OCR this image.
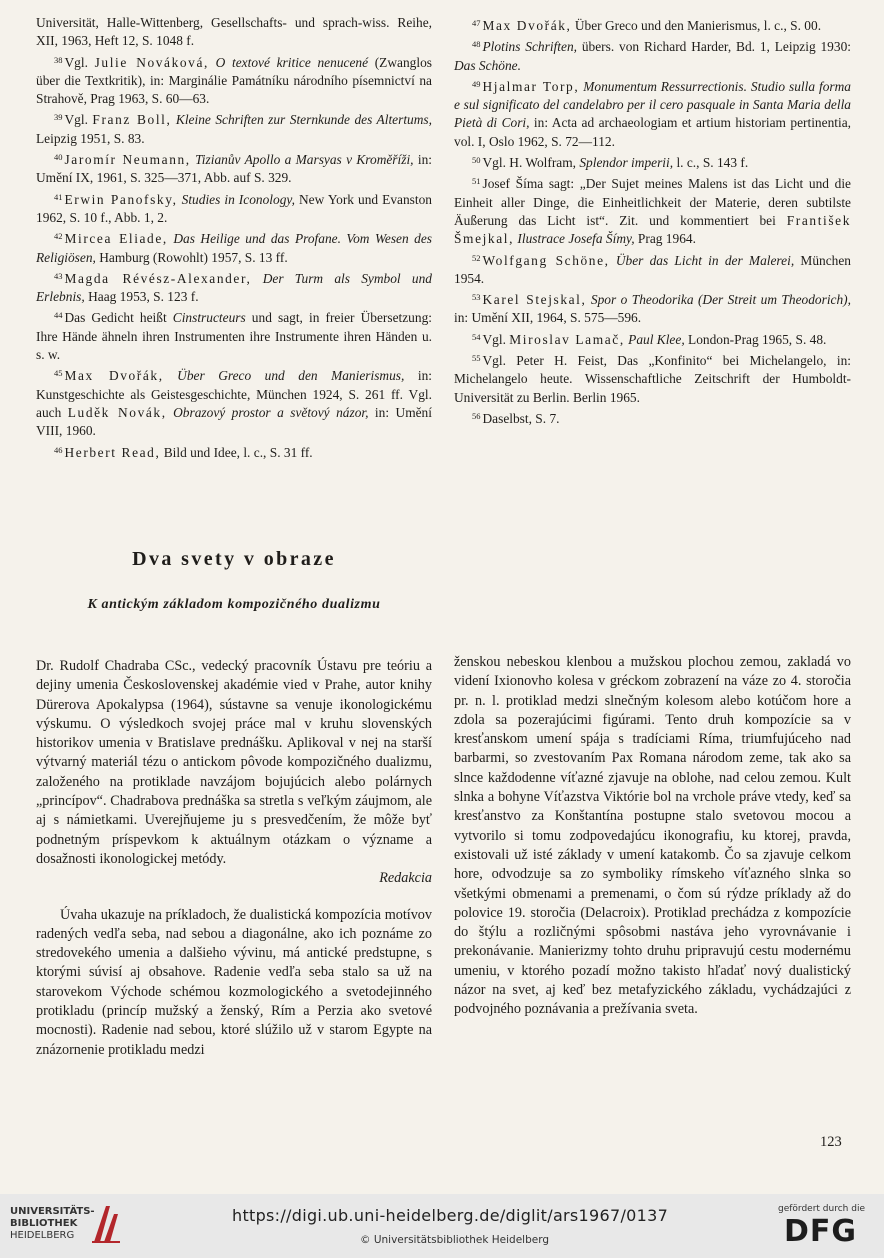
Universität, Halle-Wittenberg, Gesellschafts- und sprach-wiss. Reihe, XII, 1963, Heft 12, S. 1048 f.

$^{38}$ Vgl. Julie Nováková, O textové kritice nenucené (Zwanglos über die Textkritik), in: Marginálie Památníku národního písemnictví na Strahově, Prag 1963, S. 60—63.

$^{39}$ Vgl. Franz Boll, Kleine Schriften zur Sternkunde des Altertums, Leipzig 1951, S. 83.

$^{40}$ Jaromír Neumann, Tizianův Apollo a Marsyas v Kroměříži, in: Umění IX, 1961, S. 325—371, Abb. auf S. 329.

$^{41}$ Erwin Panofsky, Studies in Iconology, New York und Evanston 1962, S. 10 f., Abb. 1, 2.

$^{42}$ Mircea Eliade, Das Heilige und das Profane. Vom Wesen des Religiösen, Hamburg (Rowohlt) 1957, S. 13 ff.

$^{43}$ Magda Révész-Alexander, Der Turm als Symbol und Erlebnis, Haag 1953, S. 123 f.

$^{44}$ Das Gedicht heißt Cinstructeurs und sagt, in freier Übersetzung: Ihre Hände ähneln ihren Instrumenten ihre Instrumente ihren Händen u. s. w.

$^{45}$ Max Dvořák, Über Greco und den Manierismus, in: Kunstgeschichte als Geistesgeschichte, München 1924, S. 261 ff. Vgl. auch Luděk Novák, Obrazový prostor a světový názor, in: Umění VIII, 1960.

$^{46}$ Herbert Read, Bild und Idee, l. c., S. 31 ff.

$^{47}$ Max Dvořák, Über Greco und den Manierismus, l. c., S. 00.

$^{48}$ Plotins Schriften, übers. von Richard Harder, Bd. 1, Leipzig 1930: Das Schöne.

$^{49}$ Hjalmar Torp, Monumentum Ressurrectionis. Studio sulla forma e sul significato del candelabro per il cero pasquale in Santa Maria della Pietà di Cori, in: Acta ad archaeologiam et artium historiam pertinentia, vol. I, Oslo 1962, S. 72—112.

$^{50}$ Vgl. H. Wolfram, Splendor imperii, l. c., S. 143 f.

$^{51}$ Josef Šíma sagt: „Der Sujet meines Malens ist das Licht und die Einheit aller Dinge, die Einheitlichkeit der Materie, deren subtilste Äußerung das Licht ist“. Zit. und kommentiert bei František Šmejkal, Ilustrace Josefa Šímy, Prag 1964.

$^{52}$ Wolfgang Schöne, Über das Licht in der Malerei, München 1954.

$^{53}$ Karel Stejskal, Spor o Theodorika (Der Streit um Theodorich), in: Umění XII, 1964, S. 575—596.

$^{54}$ Vgl. Miroslav Lamač, Paul Klee, London-Prag 1965, S. 48.

$^{55}$ Vgl. Peter H. Feist, Das „Konfinito“ bei Michelangelo, in: Michelangelo heute. Wissenschaftliche Zeitschrift der Humboldt-Universität zu Berlin. Berlin 1965.

$^{56}$ Daselbst, S. 7.

Dva svety v obraze
K antickým základom kompozičného dualizmu

Dr. Rudolf Chadraba CSc., vedecký pracovník Ústavu pre teóriu a dejiny umenia Československej akadémie vied v Prahe, autor knihy Dürerova Apokalypsa (1964), sústavne sa venuje ikonologickému výskumu. O výsledkoch svojej práce mal v kruhu slovenských historikov umenia v Bratislave prednášku. Aplikoval v nej na starší výtvarný materiál tézu o antickom pôvode kompozičného dualizmu, založeného na protiklade navzájom bojujúcich alebo polárnych „princípov“. Chadrabova prednáška sa stretla s veľkým záujmom, ale aj s námietkami. Uverejňujeme ju s presvedčením, že môže byť podnetným príspevkom k aktuálnym otázkam o význame a dosažnosti ikonologickej metódy.

Redakcia

Úvaha ukazuje na príkladoch, že dualistická kompozícia motívov radených vedľa seba, nad sebou a diagonálne, ako ich poznáme zo stredovekého umenia a dalšieho vývinu, má antické predstupne, s ktorými súvisí aj obsahove. Radenie vedľa seba stalo sa už na starovekom Východe schémou kozmologického a svetodejinného protikladu (princíp mužský a ženský, Rím a Perzia ako svetové mocnosti). Radenie nad sebou, ktoré slúžilo už v starom Egypte na znázornenie protikladu medzi

ženskou nebeskou klenbou a mužskou plochou zemou, zakladá vo videní Ixionovho kolesa v gréckom zobrazení na váze zo 4. storočia pr. n. l. protiklad medzi slnečným kolesom alebo kotúčom hore a zdola sa pozerajúcimi figúrami. Tento druh kompozície sa v kresťanskom umení spája s tradíciami Ríma, triumfujúceho nad barbarmi, so zvestovaním Pax Romana národom zeme, tak ako sa slnce každodenne víťazné zjavuje na oblohe, nad celou zemou. Kult slnka a bohyne Víťazstva Viktórie bol na vrchole práve vtedy, keď sa kresťanstvo za Konštantína postupne stalo svetovou mocou a vytvorilo si tomu zodpovedajúcu ikonografiu, ku ktorej, pravda, existovali už isté základy v umení katakomb. Čo sa zjavuje celkom hore, odvodzuje sa zo symboliky rímskeho víťazného slnka so všetkými obmenami a premenami, o čom sú rýdze príklady až do polovice 19. storočia (Delacroix). Protiklad prechádza z kompozície do štýlu a rozličnými spôsobmi nastáva jeho vyrovnávanie i prekonávanie. Manierizmy tohto druhu pripravujú cestu modernému umeniu, v ktorého pozadí možno takisto hľadať nový dualistický názor na svet, aj keď bez metafyzického základu, vychádzajúci z podvojného poznávania a prežívania sveta.

123

UNIVERSITÄTS-
BIBLIOTHEK
HEIDELBERG
https://digi.ub.uni-heidelberg.de/diglit/ars1967/0137
© Universitätsbibliothek Heidelberg
gefördert durch die
DFG
